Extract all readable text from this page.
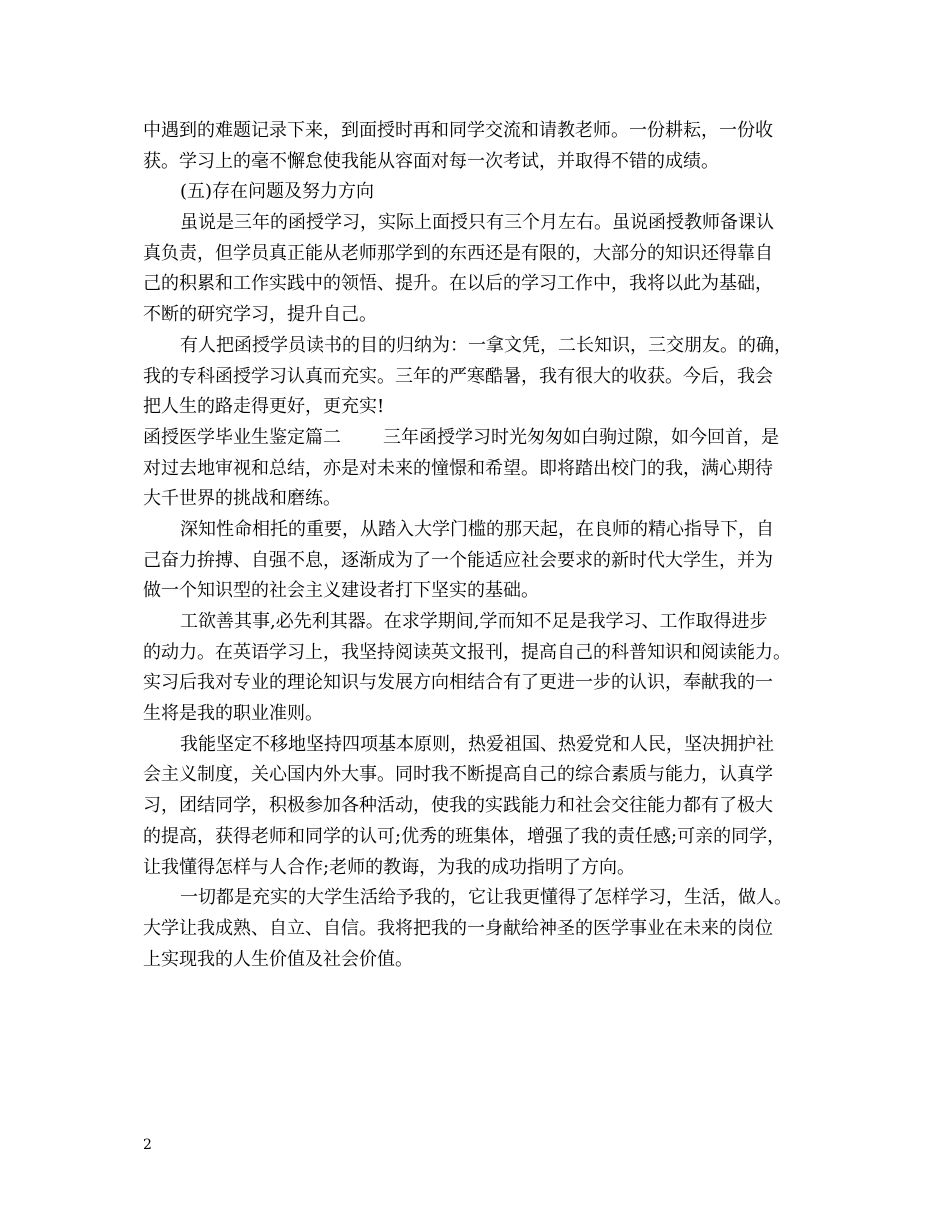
中遇到的难题记录下来，到面授时再和同学交流和请教老师。一份耕耘，一份收
获。学习上的毫不懈怠使我能从容面对每一次考试，并取得不错的成绩。
(五)存在问题及努力方向
虽说是三年的函授学习，实际上面授只有三个月左右。虽说函授教师备课认
真负责，但学员真正能从老师那学到的东西还是有限的，大部分的知识还得靠自
己的积累和工作实践中的领悟、提升。在以后的学习工作中，我将以此为基础，
不断的研究学习，提升自己。
有人把函授学员读书的目的归纳为：一拿文凭，二长知识，三交朋友。的确，
我的专科函授学习认真而充实。三年的严寒酷暑，我有很大的收获。今后，我会
把人生的路走得更好，更充实!
函授医学毕业生鉴定篇二 三年函授学习时光匆匆如白驹过隙，如今回首，是
对过去地审视和总结，亦是对未来的憧憬和希望。即将踏出校门的我，满心期待
大千世界的挑战和磨练。
深知性命相托的重要，从踏入大学门槛的那天起，在良师的精心指导下，自
己奋力拚搏、自强不息，逐渐成为了一个能适应社会要求的新时代大学生，并为
做一个知识型的社会主义建设者打下坚实的基础。
工欲善其事,必先利其器。在求学期间,学而知不足是我学习、工作取得进步
的动力。在英语学习上，我坚持阅读英文报刊，提高自己的科普知识和阅读能力。
实习后我对专业的理论知识与发展方向相结合有了更进一步的认识，奉献我的一
生将是我的职业准则。
我能坚定不移地坚持四项基本原则，热爱祖国、热爱党和人民，坚决拥护社
会主义制度，关心国内外大事。同时我不断提高自己的综合素质与能力，认真学
习，团结同学，积极参加各种活动，使我的实践能力和社会交往能力都有了极大
的提高，获得老师和同学的认可;优秀的班集体，增强了我的责任感;可亲的同学，
让我懂得怎样与人合作;老师的教诲，为我的成功指明了方向。
一切都是充实的大学生活给予我的，它让我更懂得了怎样学习，生活，做人。
大学让我成熟、自立、自信。我将把我的一身献给神圣的医学事业在未来的岗位
上实现我的人生价值及社会价值。
2
